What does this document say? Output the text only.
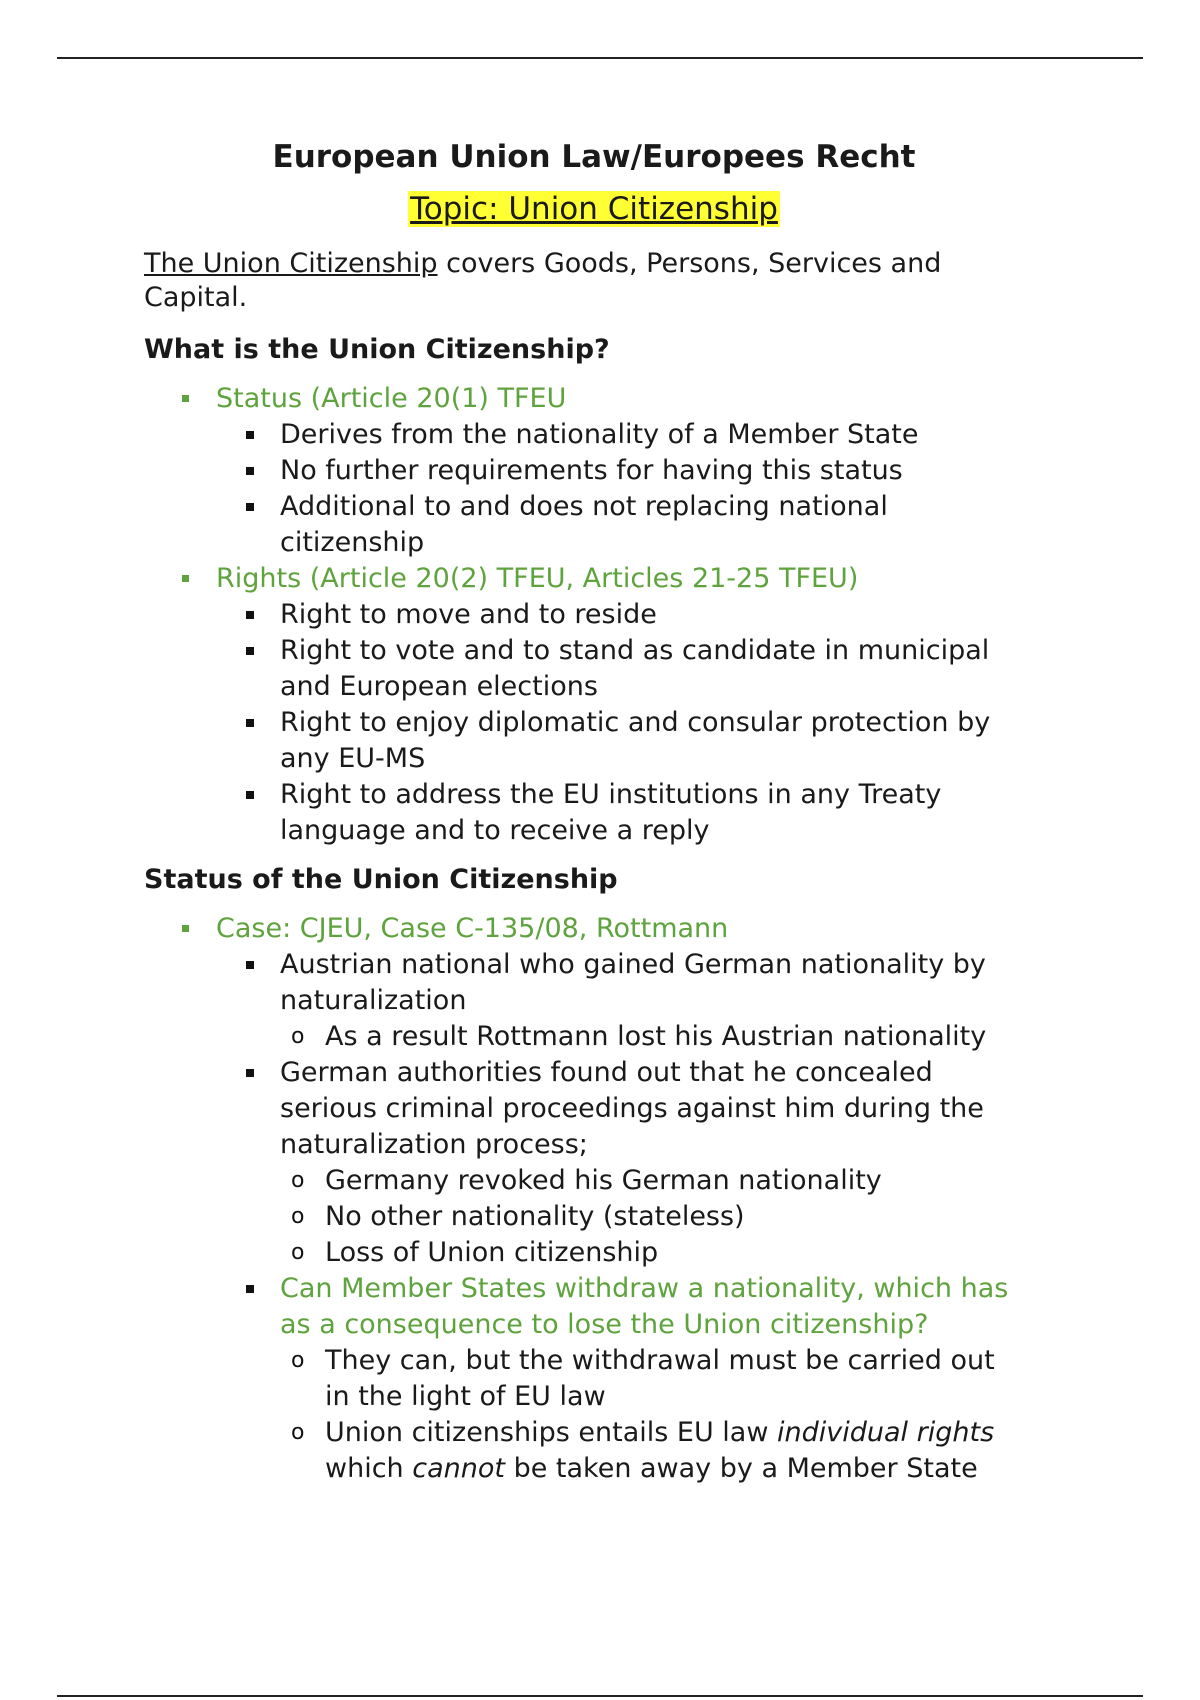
European Union Law/Europees Recht
Topic: Union Citizenship

The Union Citizenship covers Goods, Persons, Services and Capital.

What is the Union Citizenship?
Status (Article 20(1) TFEU
Derives from the nationality of a Member State
No further requirements for having this status
Additional to and does not replacing national citizenship
Rights (Article 20(2) TFEU, Articles 21-25 TFEU)
Right to move and to reside
Right to vote and to stand as candidate in municipal and European elections
Right to enjoy diplomatic and consular protection by any EU-MS
Right to address the EU institutions in any Treaty language and to receive a reply
Status of the Union Citizenship
Case: CJEU, Case C-135/08, Rottmann
Austrian national who gained German nationality by naturalization
o As a result Rottmann lost his Austrian nationality
German authorities found out that he concealed serious criminal proceedings against him during the naturalization process;
o Germany revoked his German nationality
o No other nationality (stateless)
o Loss of Union citizenship
Can Member States withdraw a nationality, which has as a consequence to lose the Union citizenship?
o They can, but the withdrawal must be carried out in the light of EU law
o Union citizenships entails EU law individual rights which cannot be taken away by a Member State
